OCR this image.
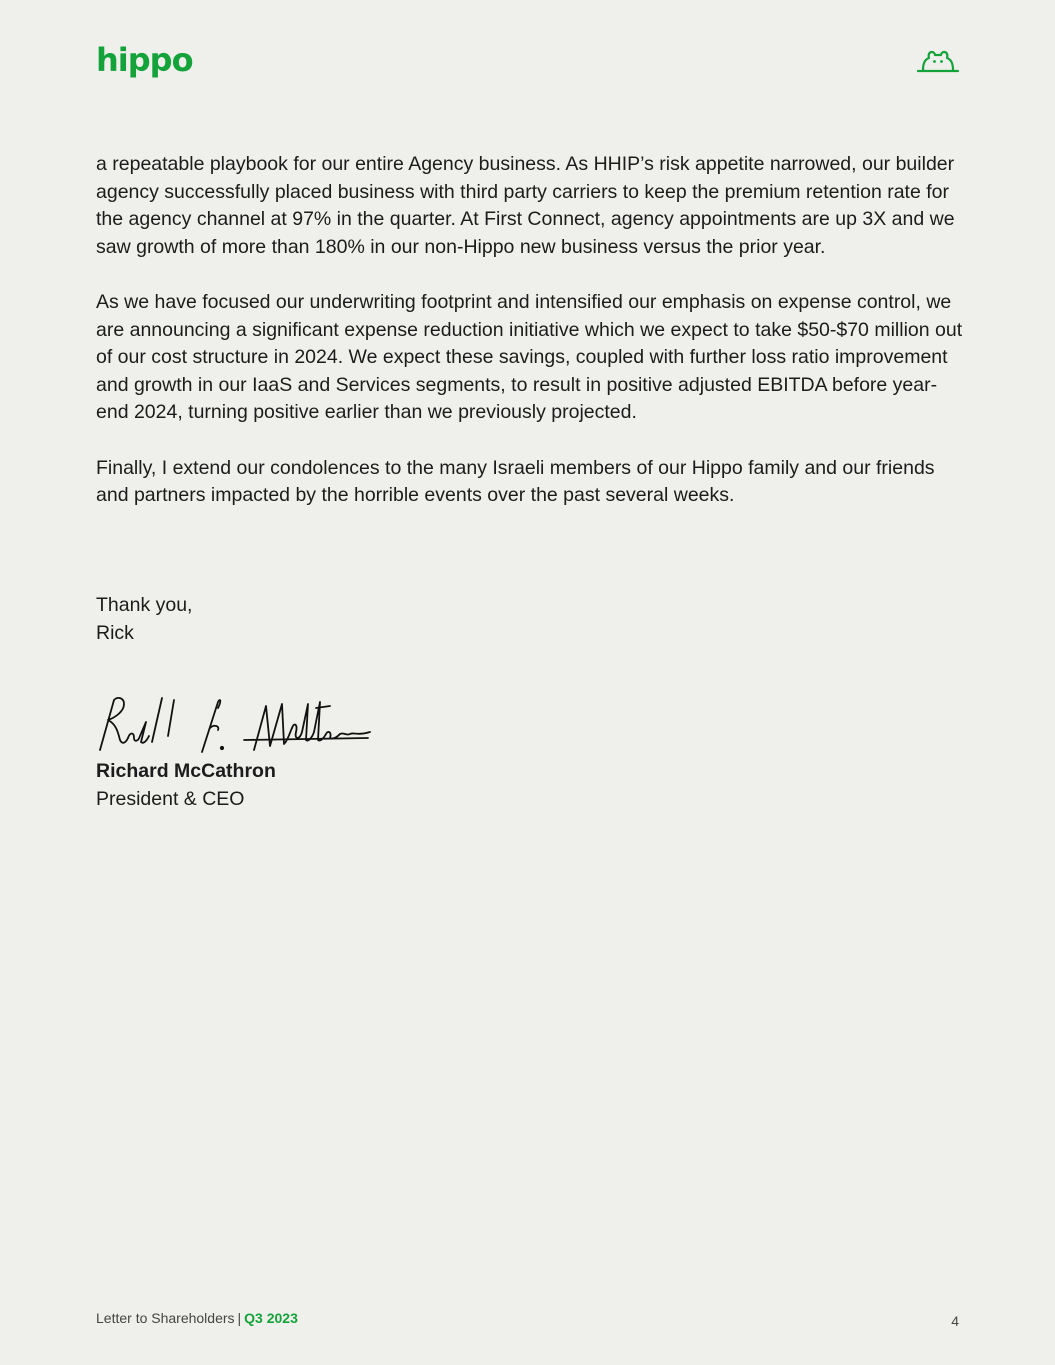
hippo

a repeatable playbook for our entire Agency business. As HHIP’s risk appetite narrowed, our builder agency successfully placed business with third party carriers to keep the premium retention rate for the agency channel at 97% in the quarter. At First Connect, agency appointments are up 3X and we saw growth of more than 180% in our non-Hippo new business versus the prior year.

As we have focused our underwriting footprint and intensified our emphasis on expense control, we are announcing a significant expense reduction initiative which we expect to take $50-$70 million out of our cost structure in 2024. We expect these savings, coupled with further loss ratio improvement and growth in our IaaS and Services segments, to result in positive adjusted EBITDA before year-end 2024, turning positive earlier than we previously projected.

Finally, I extend our condolences to the many Israeli members of our Hippo family and our friends and partners impacted by the horrible events over the past several weeks.

Thank you,
Rick
Richard McCathron
President & CEO
Letter to Shareholders | Q3 2023	4
